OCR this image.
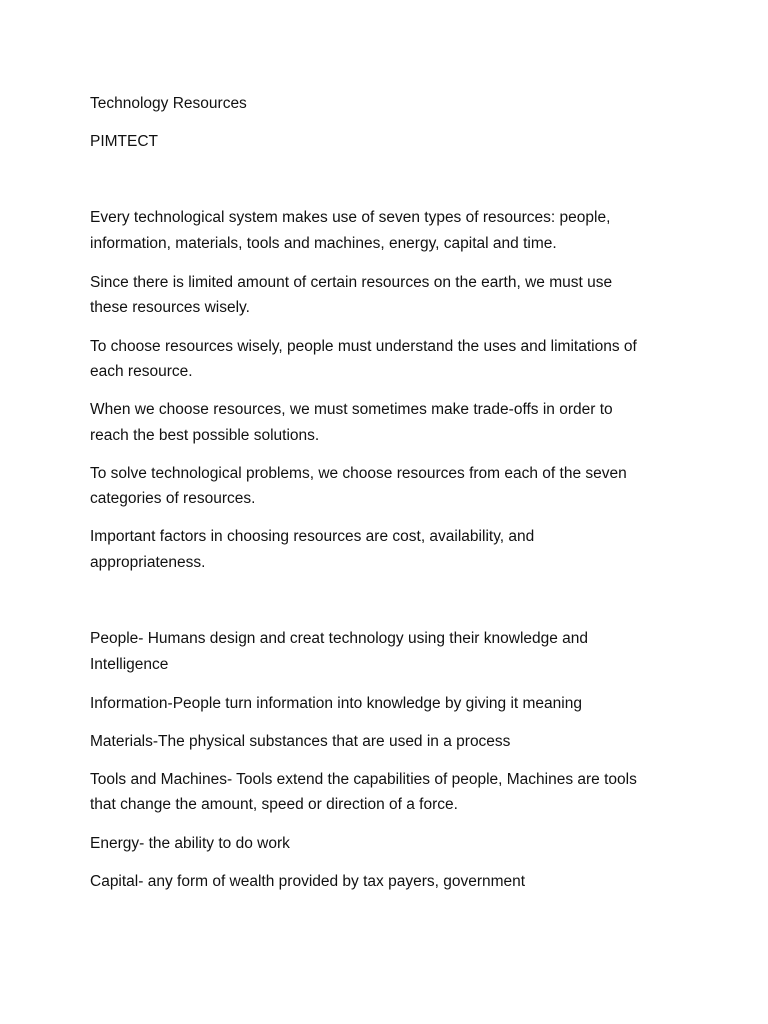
Technology Resources

PIMTECT

Every technological system makes use of seven types of resources: people,

information, materials, tools and machines, energy, capital and time.

Since there is limited amount of certain resources on the earth, we must use

these resources wisely.

To choose resources wisely, people must understand the uses and limitations of

each resource.

When we choose resources, we must sometimes make trade-offs in order to

reach the best possible solutions.

To solve technological problems, we choose resources from each of the seven

categories of resources.

Important factors in choosing resources are cost, availability, and

appropriateness.

People- Humans design and creat technology using their knowledge and

Intelligence

Information-People turn information into knowledge by giving it meaning

Materials-The physical substances that are used in a process

Tools and Machines- Tools extend the capabilities of people, Machines are tools

that change the amount, speed or direction of a force.

Energy- the ability to do work

Capital- any form of wealth provided by tax payers, government
